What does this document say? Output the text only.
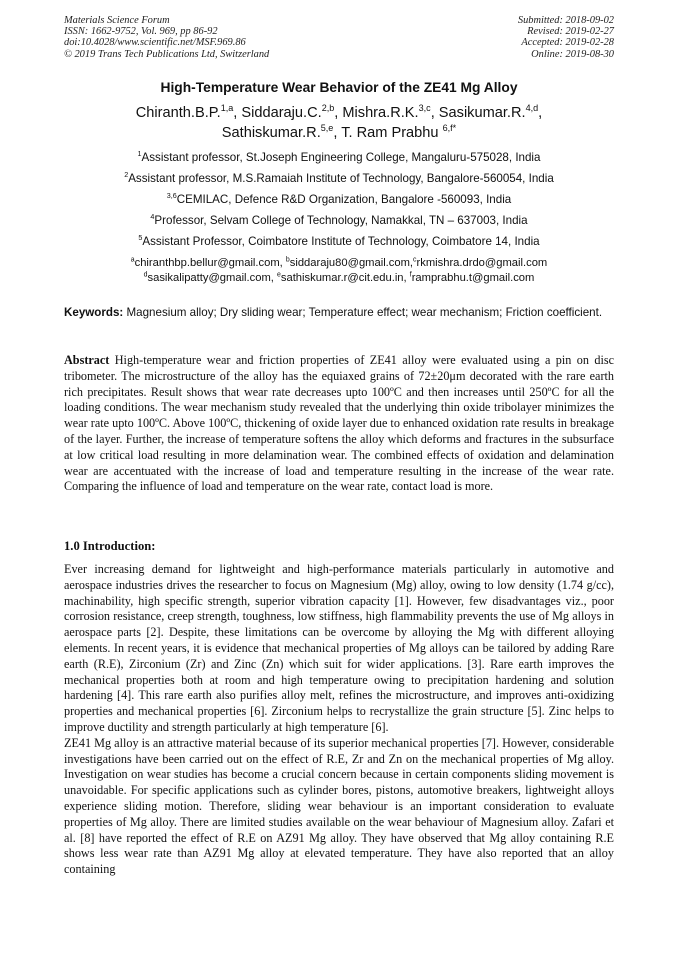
Materials Science Forum
ISSN: 1662-9752, Vol. 969, pp 86-92
doi:10.4028/www.scientific.net/MSF.969.86
© 2019 Trans Tech Publications Ltd, Switzerland
Submitted: 2018-09-02
Revised: 2019-02-27
Accepted: 2019-02-28
Online: 2019-08-30
High-Temperature Wear Behavior of the ZE41 Mg Alloy
Chiranth.B.P.$^{1,a}$, Siddaraju.C.$^{2,b}$, Mishra.R.K.$^{3,c}$, Sasikumar.R.$^{4,d}$,
Sathiskumar.R.$^{5,e}$, T. Ram Prabhu $^{6,f*}$
$^1$Assistant professor, St.Joseph Engineering College, Mangaluru-575028, India
$^2$Assistant professor, M.S.Ramaiah Institute of Technology, Bangalore-560054, India
$^{3,6}$CEMILAC, Defence R&D Organization, Bangalore -560093, India
$^4$Professor, Selvam College of Technology, Namakkal, TN – 637003, India
$^5$Assistant Professor, Coimbatore Institute of Technology, Coimbatore 14, India
$^a$chiranthbp.bellur@gmail.com, $^b$siddaraju80@gmail.com,$^c$rkmishra.drdo@gmail.com
$^d$sasikalipatty@gmail.com, $^e$sathiskumar.r@cit.edu.in, $^f$ramprabhu.t@gmail.com
Keywords: Magnesium alloy; Dry sliding wear; Temperature effect; wear mechanism; Friction coefficient.
Abstract High-temperature wear and friction properties of ZE41 alloy were evaluated using a pin on disc tribometer. The microstructure of the alloy has the equiaxed grains of 72±20μm decorated with the rare earth rich precipitates. Result shows that wear rate decreases upto 100ºC and then increases until 250ºC for all the loading conditions. The wear mechanism study revealed that the underlying thin oxide tribolayer minimizes the wear rate upto 100ºC. Above 100ºC, thickening of oxide layer due to enhanced oxidation rate results in breakage of the layer. Further, the increase of temperature softens the alloy which deforms and fractures in the subsurface at low critical load resulting in more delamination wear. The combined effects of oxidation and delamination wear are accentuated with the increase of load and temperature resulting in the increase of the wear rate. Comparing the influence of load and temperature on the wear rate, contact load is more.
1.0 Introduction:

Ever increasing demand for lightweight and high-performance materials particularly in automotive and aerospace industries drives the researcher to focus on Magnesium (Mg) alloy, owing to low density (1.74 g/cc), machinability, high specific strength, superior vibration capacity [1]. However, few disadvantages viz., poor corrosion resistance, creep strength, toughness, low stiffness, high flammability prevents the use of Mg alloys in aerospace parts [2]. Despite, these limitations can be overcome by alloying the Mg with different alloying elements. In recent years, it is evidence that mechanical properties of Mg alloys can be tailored by adding Rare earth (R.E), Zirconium (Zr) and Zinc (Zn) which suit for wider applications. [3]. Rare earth improves the mechanical properties both at room and high temperature owing to precipitation hardening and solution hardening [4]. This rare earth also purifies alloy melt, refines the microstructure, and improves anti-oxidizing properties and mechanical properties [6]. Zirconium helps to recrystallize the grain structure [5]. Zinc helps to improve ductility and strength particularly at high temperature [6].

ZE41 Mg alloy is an attractive material because of its superior mechanical properties [7]. However, considerable investigations have been carried out on the effect of R.E, Zr and Zn on the mechanical properties of Mg alloy. Investigation on wear studies has become a crucial concern because in certain components sliding movement is unavoidable. For specific applications such as cylinder bores, pistons, automotive breakers, lightweight alloys experience sliding motion. Therefore, sliding wear behaviour is an important consideration to evaluate properties of Mg alloy. There are limited studies available on the wear behaviour of Magnesium alloy. Zafari et al. [8] have reported the effect of R.E on AZ91 Mg alloy. They have observed that Mg alloy containing R.E shows less wear rate than AZ91 Mg alloy at elevated temperature. They have also reported that an alloy containing
